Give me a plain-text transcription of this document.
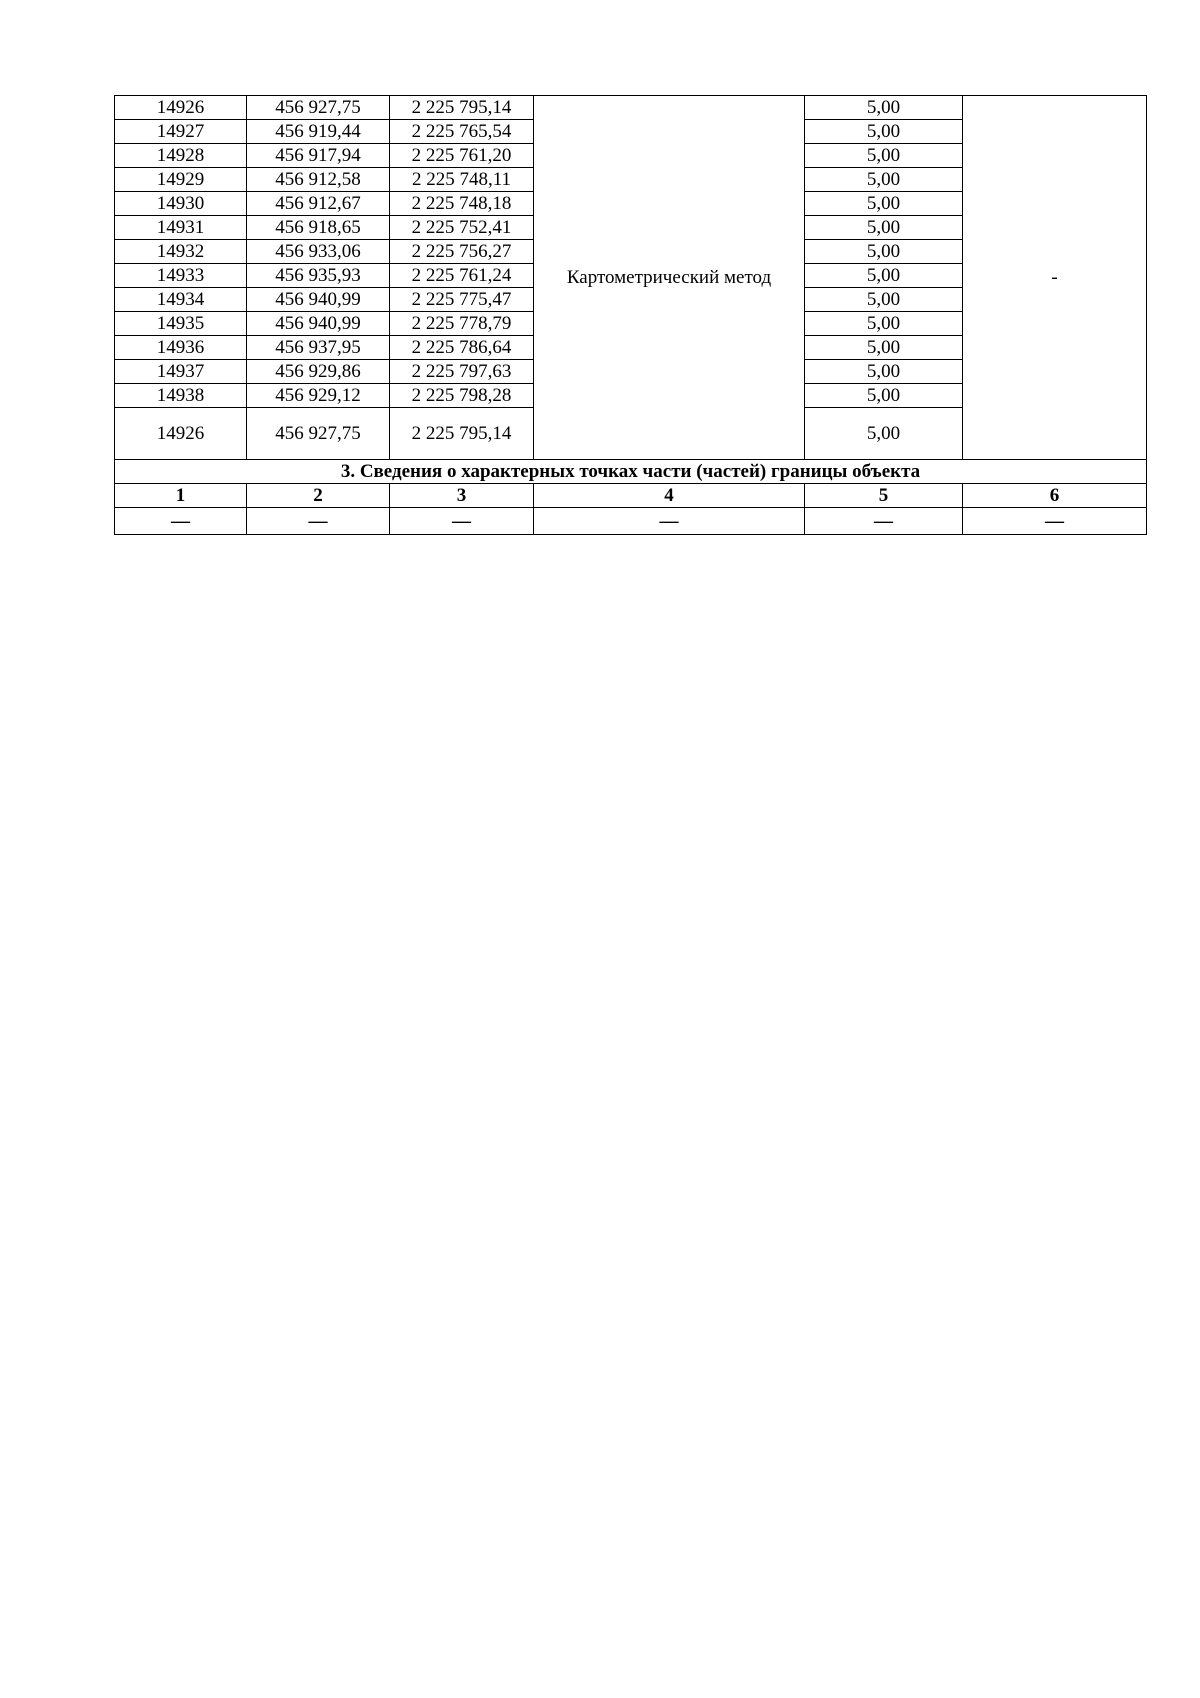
14926	456 927,75	2 225 795,14	Картометрический метод	5,00	-
14927	456 919,44	2 225 765,54		5,00	
14928	456 917,94	2 225 761,20		5,00	
14929	456 912,58	2 225 748,11		5,00	
14930	456 912,67	2 225 748,18		5,00	
14931	456 918,65	2 225 752,41		5,00	
14932	456 933,06	2 225 756,27		5,00	
14933	456 935,93	2 225 761,24		5,00	
14934	456 940,99	2 225 775,47		5,00	
14935	456 940,99	2 225 778,79		5,00	
14936	456 937,95	2 225 786,64		5,00	
14937	456 929,86	2 225 797,63		5,00	
14938	456 929,12	2 225 798,28		5,00	
14926	456 927,75	2 225 795,14		5,00	
3. Сведения о характерных точках части (частей) границы объекта					
1	2	3	4	5	6
—	—	—	—	—	—
